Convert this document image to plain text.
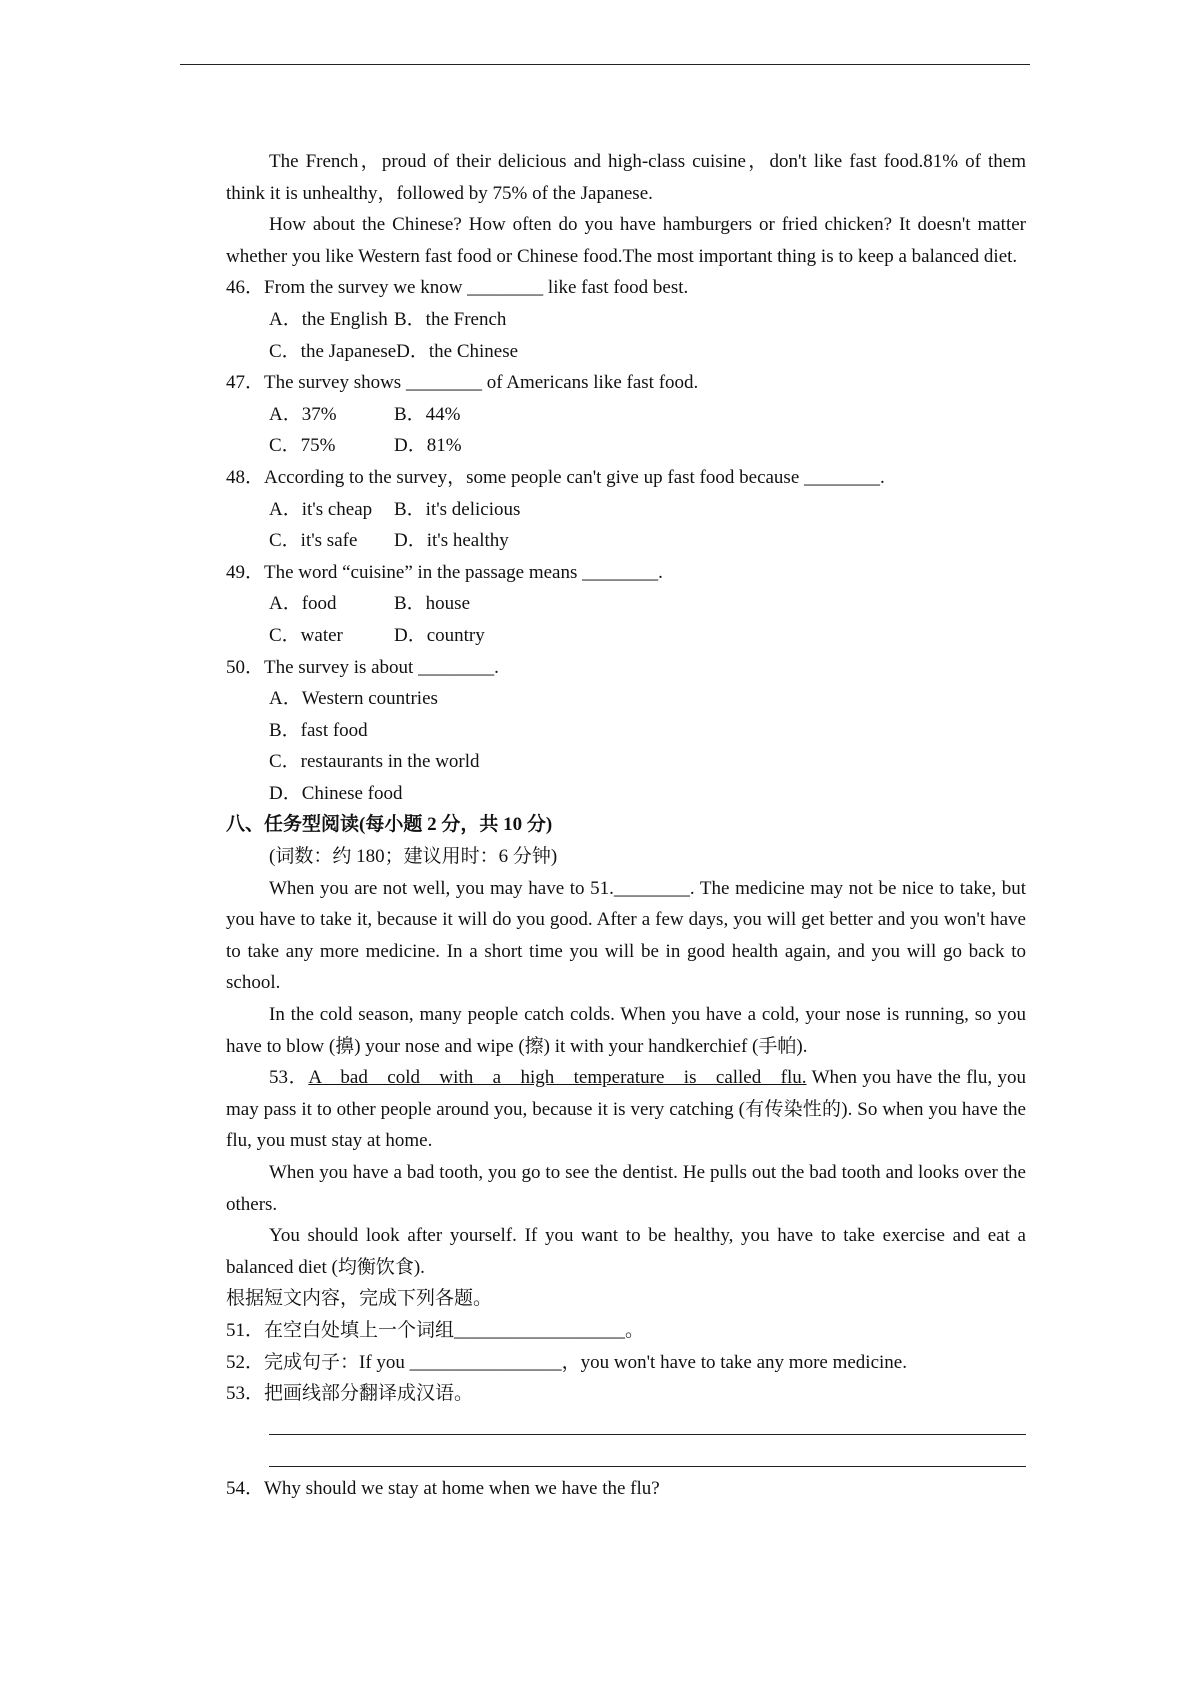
The French，proud of their delicious and high-class cuisine，don't like fast food.81% of them think it is unhealthy，followed by 75% of the Japanese.

How about the Chinese? How often do you have hamburgers or fried chicken? It doesn't matter whether you like Western fast food or Chinese food.The most important thing is to keep a balanced diet.

46．From the survey we know ________ like fast food best.

A．the English B．the French

C．the JapaneseD．the Chinese

47．The survey shows ________ of Americans like fast food.

A．37%	B．44%

C．75%	D．81%

48．According to the survey，some people can't give up fast food because ________.

A．it's cheap B．it's delicious

C．it's safe D．it's healthy

49．The word “cuisine” in the passage means ________.

A．food	B．house

C．water	D．country

50．The survey is about ________.

A．Western countries

B．fast food

C．restaurants in the world

D．Chinese food

八、任务型阅读(每小题 2 分，共 10 分)

(词数：约 180；建议用时：6 分钟)

When you are not well, you may have to 51.________. The medicine may not be nice to take, but you have to take it, because it will do you good. After a few days, you will get better and you won't have to take any more medicine. In a short time you will be in good health again, and you will go back to school.

In the cold season, many people catch colds. When you have a cold, your nose is running, so you have to blow (擤) your nose and wipe (擦) it with your handkerchief (手帕).

53．A bad cold with a high temperature is called flu. When you have the flu, you may pass it to other people around you, because it is very catching (有传染性的). So when you have the flu, you must stay at home.

When you have a bad tooth, you go to see the dentist. He pulls out the bad tooth and looks over the others.

You should look after yourself. If you want to be healthy, you have to take exercise and eat a balanced diet (均衡饮食).

根据短文内容，完成下列各题。

51．在空白处填上一个词组__________________。

52．完成句子：If you ________________，you won't have to take any more medicine.

53．把画线部分翻译成汉语。

54．Why should we stay at home when we have the flu?
